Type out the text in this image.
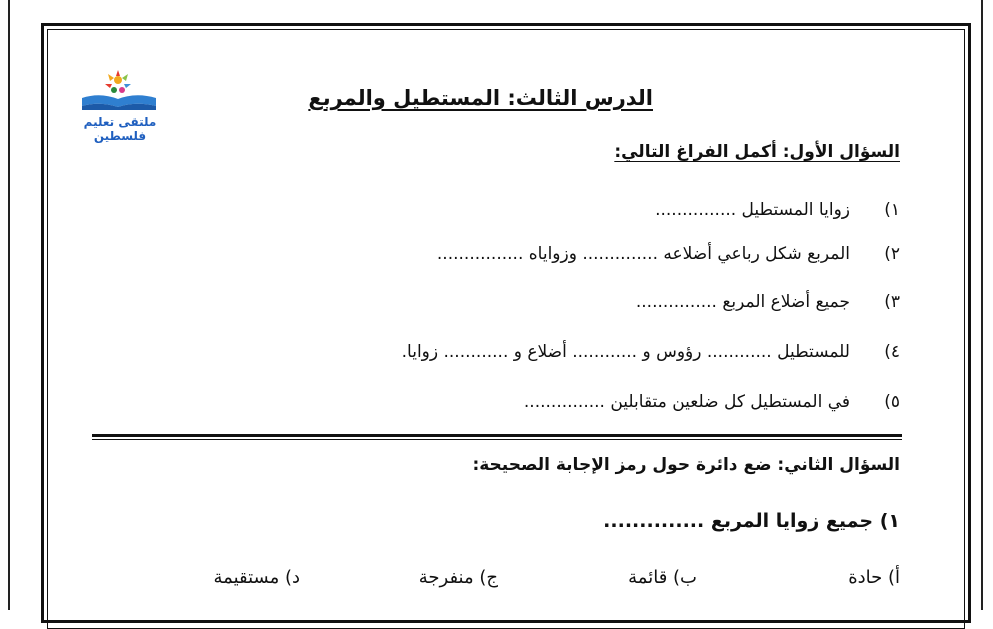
ملتقى تعليم فلسطين
الدرس الثالث: المستطيل والمربع
السؤال الأول: أكمل الفراغ التالي:
١)
زوايا المستطيل ...............
٢)
المربع شكل رباعي أضلاعه .............. وزواياه ................
٣)
جميع أضلاع المربع ...............
٤)
للمستطيل ............ رؤوس و ............ أضلاع و ............ زوايا.
٥)
في المستطيل كل ضلعين متقابلين ...............
السؤال الثاني: ضع دائرة حول رمز الإجابة الصحيحة:
١) جميع زوايا المربع ..............
أ) حادة
ب) قائمة
ج) منفرجة
د) مستقيمة
